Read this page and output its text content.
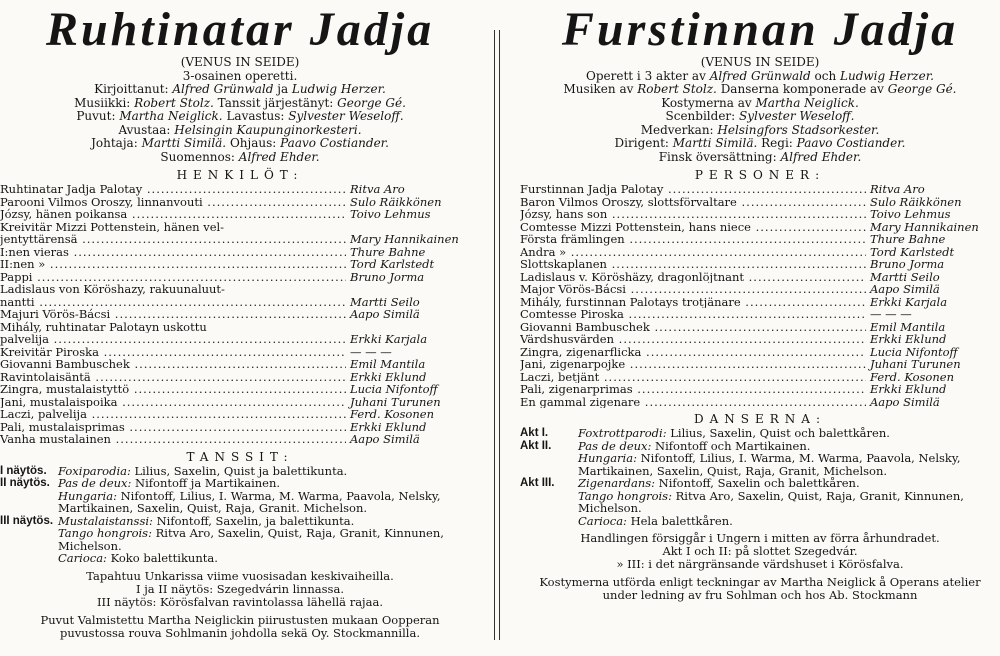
Ruhtinatar Jadja
(VENUS IN SEIDE)
3-osainen operetti.
Kirjoittanut: Alfred Grünwald ja Ludwig Herzer.
Musiikki: Robert Stolz. Tanssit järjestänyt: George Gé.
Puvut: Martha Neiglick. Lavastus: Sylvester Weseloff.
Avustaa: Helsingin Kaupunginorkesteri.
Johtaja: Martti Similä. Ohjaus: Paavo Costiander.
Suomennos: Alfred Ehder.
HENKILÖT:
Ruhtinatar Jadja Palotay .....	Ritva Aro
Parooni Vilmos Oroszy, linnanvouti .....	Sulo Räikkönen
Józsy, hänen poikansa .....	Toivo Lehmus
Kreivitär Mizzi Pottenstein, hänen vel-
jentyttärensä .....	Mary Hannikainen
I:nen vieras .....	Thure Bahne
II:nen » .....	Tord Karlstedt
Pappi .....	Bruno Jorma
Ladislaus von Köröshazy, rakuunaluut-
nantti .....	Martti Seilo
Majuri Vörös-Bácsi .....	Aapo Similä
Mihály, ruhtinatar Palotayn uskottu
palvelija .....	Erkki Karjala
Kreivitär Piroska .....	— — —
Giovanni Bambuschek .....	Emil Mantila
Ravintolaisäntä .....	Erkki Eklund
Zingra, mustalaistyttö .....	Lucia Nifontoff
Jani, mustalaispoika .....	Juhani Turunen
Laczi, palvelija .....	Ferd. Kosonen
Pali, mustalaisprimas .....	Erkki Eklund
Vanha mustalainen .....	Aapo Similä
TANSSIT:
I näytös. Foxiparodia: Lilius, Saxelin, Quist ja balettikunta.
II näytös. Pas de deux: Nifontoff ja Martikainen.
Hungaria: Nifontoff, Lilius, I. Warma, M. Warma, Paavola, Nelsky, Martikainen, Saxelin, Quist, Raja, Granit. Michelson.
III näytös. Mustalaistanssi: Nifontoff, Saxelin, ja balettikunta.
Tango hongrois: Ritva Aro, Saxelin, Quist, Raja, Granit, Kinnunen, Michelson.
Carioca: Koko balettikunta.
Tapahtuu Unkarissa viime vuosisadan keskivaiheilla.
I ja II näytös: Szegedvárin linnassa.
III näytös: Körösfalvan ravintolassa lähellä rajaa.
Puvut Valmistettu Martha Neiglickin piirustusten mukaan Oopperan puvustossa rouva Sohlmanin johdolla sekä Oy. Stockmannilla.
Furstinnan Jadja
(VENUS IN SEIDE)
Operett i 3 akter av Alfred Grünwald och Ludwig Herzer.
Musiken av Robert Stolz. Danserna komponerade av George Gé.
Kostymerna av Martha Neiglick.
Scenbilder: Sylvester Weseloff.
Medverkan: Helsingfors Stadsorkester.
Dirigent: Martti Similä. Regi: Paavo Costiander.
Finsk översättning: Alfred Ehder.
PERSONER:
Furstinnan Jadja Palotay .....	Ritva Aro
Baron Vilmos Oroszy, slottsförvaltare .....	Sulo Räikkönen
Józsy, hans son .....	Toivo Lehmus
Comtesse Mizzi Pottenstein, hans niece .....	Mary Hannikainen
Första främlingen .....	Thure Bahne
Andra » .....	Tord Karlstedt
Slottskaplanen .....	Bruno Jorma
Ladislaus v. Köröshäzy, dragonlöjtnant .....	Martti Seilo
Major Vörös-Bácsi .....	Aapo Similä
Mihály, furstinnan Palotays trotjänare .....	Erkki Karjala
Comtesse Piroska .....	— — —
Giovanni Bambuschek .....	Emil Mantila
Värdshusvärden .....	Erkki Eklund
Zingra, zigenarflicka .....	Lucia Nifontoff
Jani, zigenarpojke .....	Juhani Turunen
Laczi, betjänt .....	Ferd. Kosonen
Pali, zigenarprimas .....	Erkki Eklund
En gammal zigenare .....	Aapo Similä
DANSERNA:
Akt I.	Foxtrottparodi: Lilius, Saxelin, Quist och balettkåren.
Akt II.	Pas de deux: Nifontoff och Martikainen.
Hungaria: Nifontoff, Lilius, I. Warma, M. Warma, Paavola, Nelsky, Martikainen, Saxelin, Quist, Raja, Granit, Michelson.
Akt III.	Zigenardans: Nifontoff, Saxelin och balettkåren.
Tango hongrois: Ritva Aro, Saxelin, Quist, Raja, Granit, Kinnunen, Michelson.
Carioca: Hela balettkåren.
Handlingen försiggår i Ungern i mitten av förra århundradet.
Akt I och II: på slottet Szegedvár.
» III: i det närgränsande värdshuset i Körösfalva.
Kostymerna utförda enligt teckningar av Martha Neiglick å Operans atelier under ledning av fru Sohlman och hos Ab. Stockmann
